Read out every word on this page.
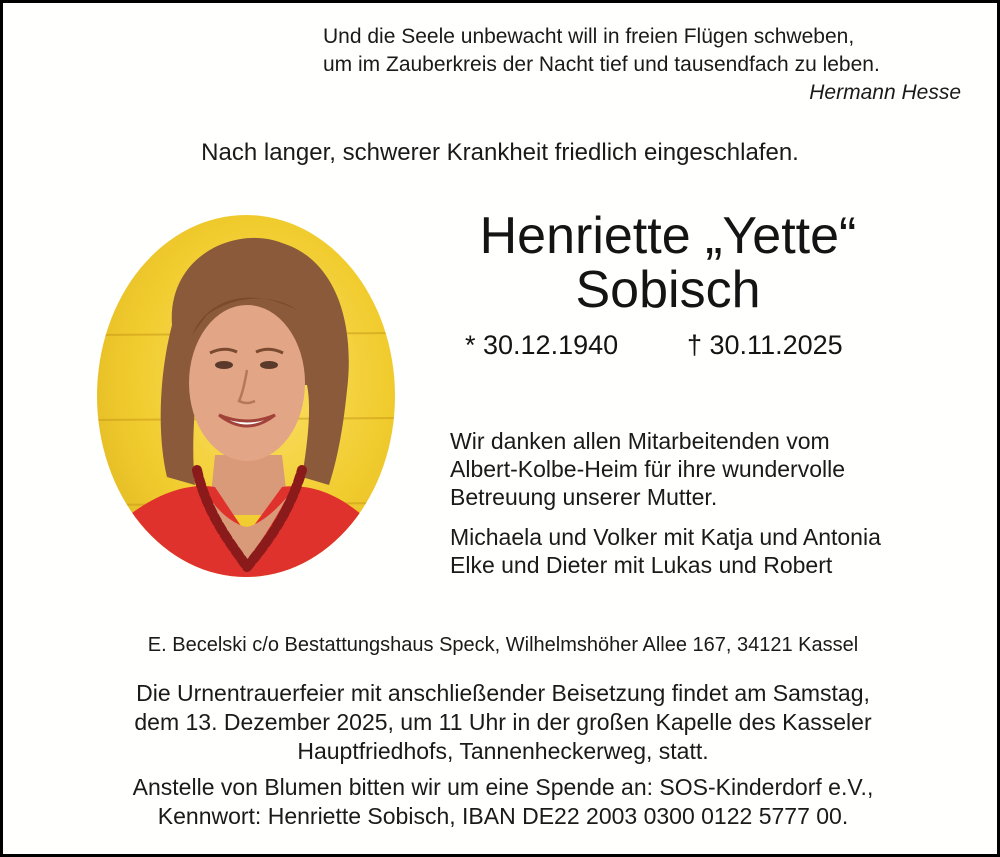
Und die Seele unbewacht will in freien Flügen schweben,
um im Zauberkreis der Nacht tief und tausendfach zu leben.
Hermann Hesse
Nach langer, schwerer Krankheit friedlich eingeschlafen.
Henriette „Yette“
Sobisch
* 30.12.1940	† 30.11.2025
Wir danken allen Mitarbeitenden vom
Albert-Kolbe-Heim für ihre wundervolle
Betreuung unserer Mutter.
Michaela und Volker mit Katja und Antonia
Elke und Dieter mit Lukas und Robert
E. Becelski c/o Bestattungshaus Speck, Wilhelmshöher Allee 167, 34121 Kassel
Die Urnentrauerfeier mit anschließender Beisetzung findet am Samstag,
dem 13. Dezember 2025, um 11 Uhr in der großen Kapelle des Kasseler
Hauptfriedhofs, Tannenheckerweg, statt.
Anstelle von Blumen bitten wir um eine Spende an: SOS-Kinderdorf e.V.,
Kennwort: Henriette Sobisch, IBAN DE22 2003 0300 0122 5777 00.
